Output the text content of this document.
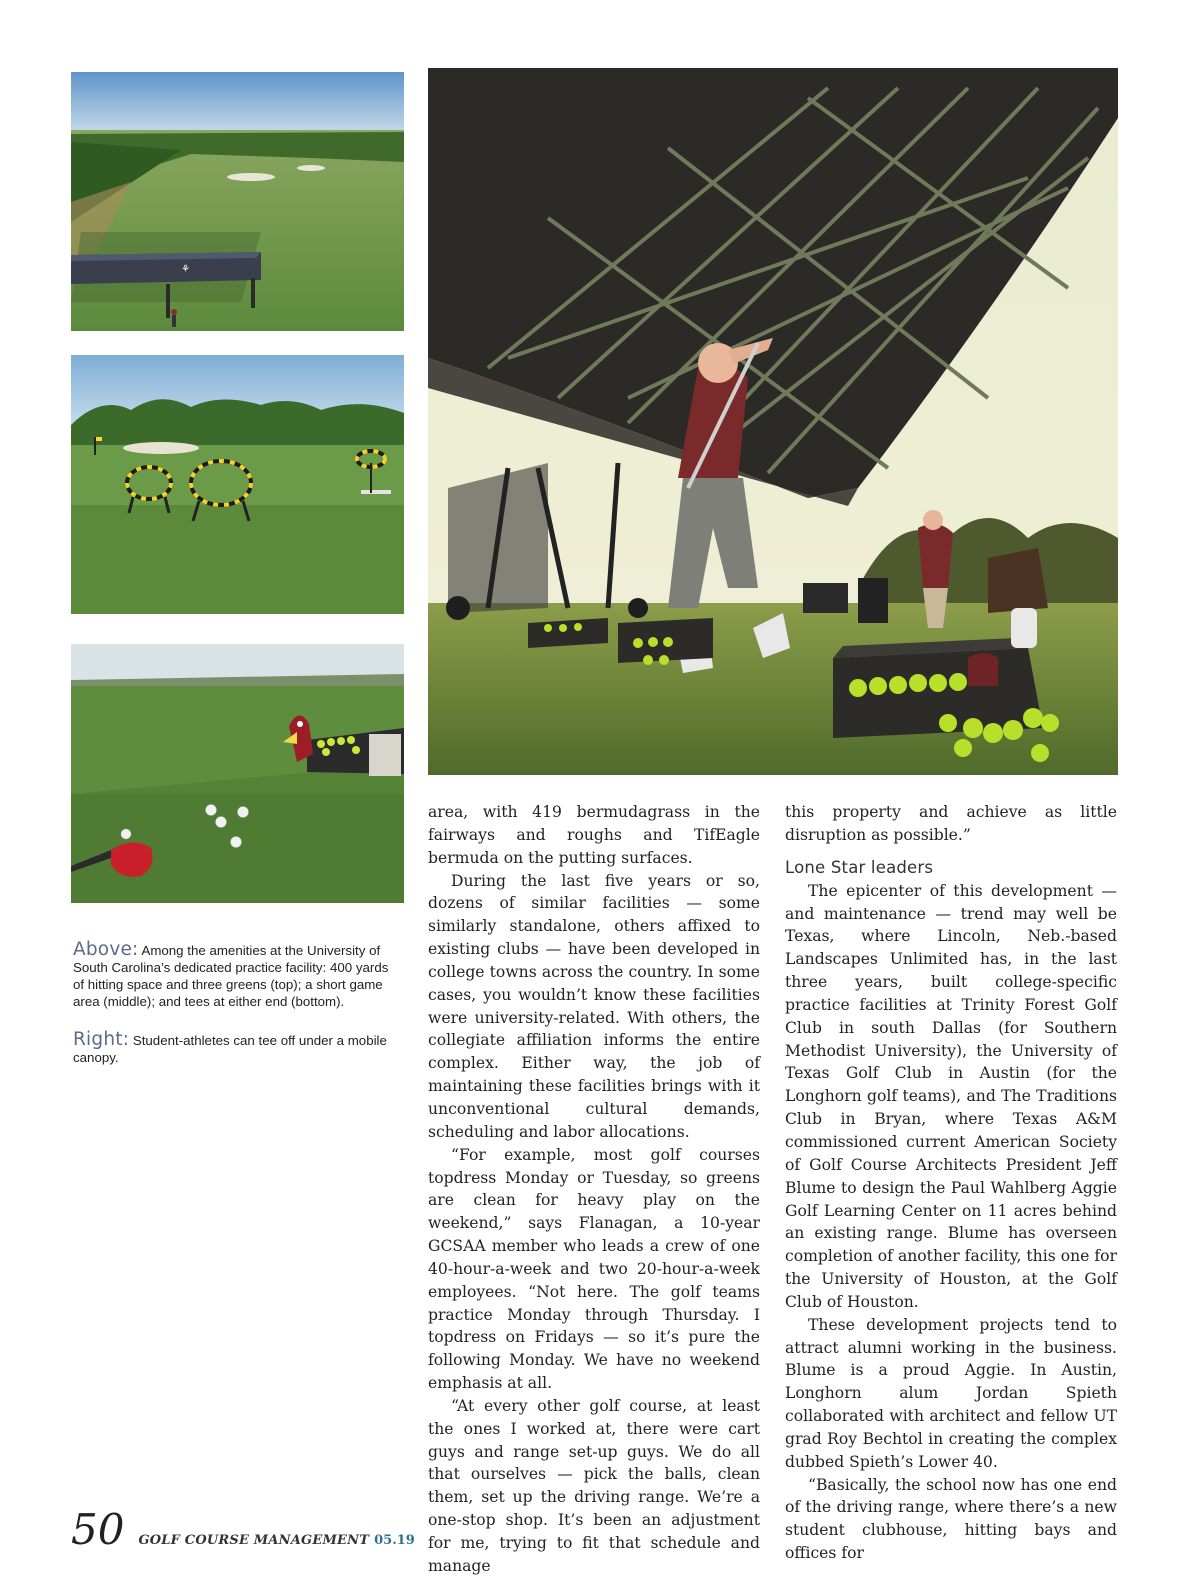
⚘
Above: Among the amenities at the University of South Carolina’s dedicated practice facility: 400 yards of hitting space and three greens (top); a short game area (middle); and tees at either end (bottom).
Right: Student-athletes can tee off under a mobile canopy.

area, with 419 bermudagrass in the fairways and roughs and TifEagle bermuda on the putting surfaces.

During the last five years or so, dozens of similar facilities — some similarly standalone, others affixed to existing clubs — have been developed in college towns across the country. In some cases, you wouldn’t know these facilities were university-related. With others, the collegiate affiliation informs the entire complex. Either way, the job of maintaining these facilities brings with it unconventional cultural demands, scheduling and labor allocations.

“For example, most golf courses topdress Monday or Tuesday, so greens are clean for heavy play on the weekend,” says Flanagan, a 10-year GCSAA member who leads a crew of one 40-hour-a-week and two 20-hour-a-week employees. “Not here. The golf teams practice Monday through Thursday. I topdress on Fridays — so it’s pure the following Monday. We have no weekend emphasis at all.

“At every other golf course, at least the ones I worked at, there were cart guys and range set-up guys. We do all that ourselves — pick the balls, clean them, set up the driving range. We’re a one-stop shop. It’s been an adjustment for me, trying to fit that schedule and manage

this property and achieve as little disruption as possible.”

Lone Star leaders

The epicenter of this development — and maintenance — trend may well be Texas, where Lincoln, Neb.-based Landscapes Unlimited has, in the last three years, built college-specific practice facilities at Trinity Forest Golf Club in south Dallas (for Southern Methodist University), the University of Texas Golf Club in Austin (for the Longhorn golf teams), and The Traditions Club in Bryan, where Texas A&M commissioned current American Society of Golf Course Architects President Jeff Blume to design the Paul Wahlberg Aggie Golf Learning Center on 11 acres behind an existing range. Blume has overseen completion of another facility, this one for the University of Houston, at the Golf Club of Houston.

These development projects tend to attract alumni working in the business. Blume is a proud Aggie. In Austin, Longhorn alum Jordan Spieth collaborated with architect and fellow UT grad Roy Bechtol in creating the complex dubbed Spieth’s Lower 40.

“Basically, the school now has one end of the driving range, where there’s a new student clubhouse, hitting bays and offices for

50 GOLF COURSE MANAGEMENT 05.19
